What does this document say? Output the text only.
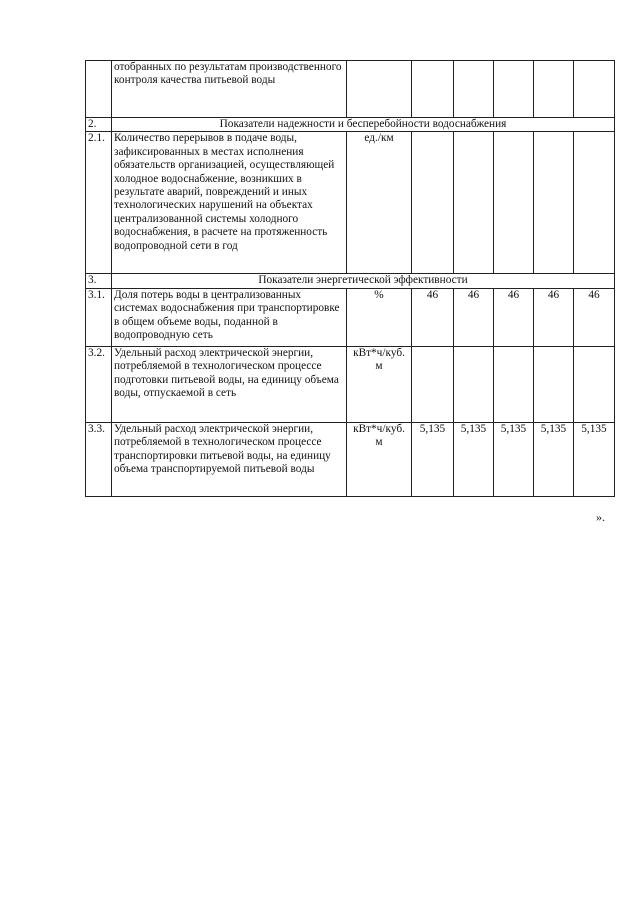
	отобранных по результатам производственного контроля качества питьевой воды						
2.	Показатели надежности и бесперебойности водоснабжения						
2.1.	Количество перерывов в подаче воды, зафиксированных в местах исполнения обязательств организацией, осуществляющей холодное водоснабжение, возникших в результате аварий, повреждений и иных технологических нарушений на объектах централизованной системы холодного водоснабжения, в расчете на протяженность водопроводной сети в год	ед./км					
3.	Показатели энергетической эффективности						
3.1.	Доля потерь воды в централизованных системах водоснабжения при транспортировке в общем объеме воды, поданной в водопроводную сеть	%	46	46	46	46	46
3.2.	Удельный расход электрической энергии, потребляемой в технологическом процессе подготовки питьевой воды, на единицу объема воды, отпускаемой в сеть	кВт*ч/куб. м					
3.3.	Удельный расход электрической энергии, потребляемой в технологическом процессе транспортировки питьевой воды, на единицу объема транспортируемой питьевой воды	кВт*ч/куб. м	5,135	5,135	5,135	5,135	5,135
».
